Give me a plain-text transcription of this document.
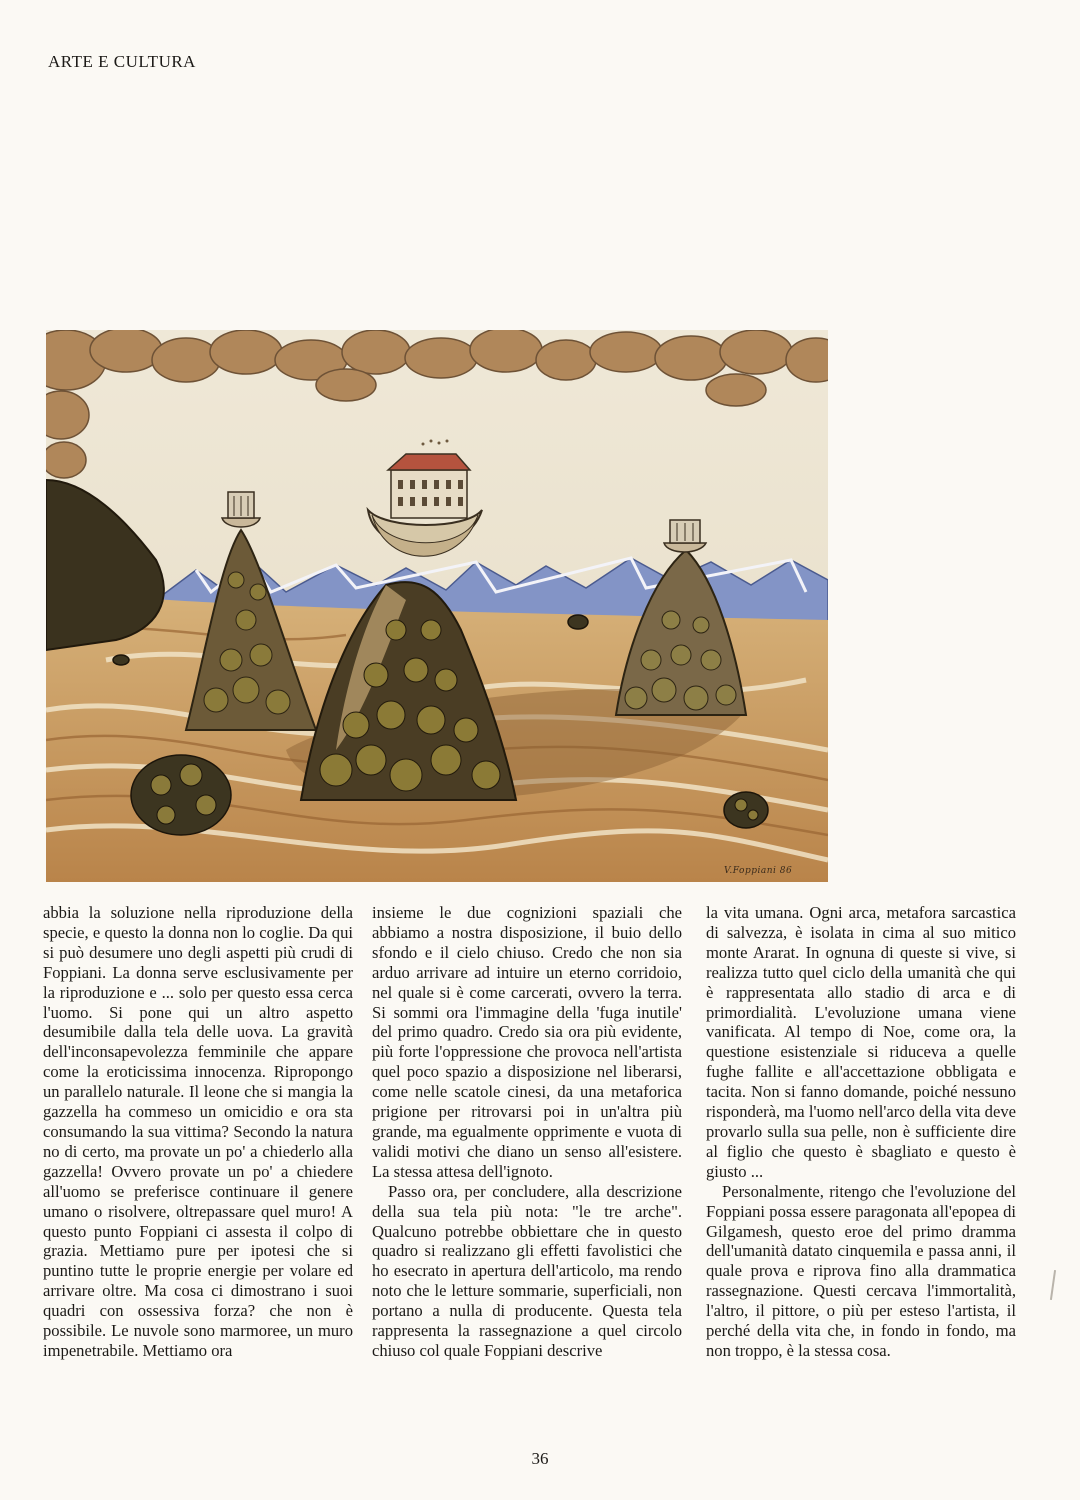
ARTE E CULTURA
V.Foppiani 86

abbia la soluzione nella riproduzione della specie, e questo la donna non lo coglie. Da qui si può desumere uno degli aspetti più crudi di Foppiani. La donna serve esclusivamente per la riproduzione e ... solo per questo essa cerca l'uomo. Si pone qui un altro aspetto desumibile dalla tela delle uova. La gravità dell'inconsapevolezza femminile che appare come la eroticissima innocenza. Ripropongo un parallelo naturale. Il leone che si mangia la gazzella ha commeso un omicidio e ora sta consumando la sua vittima? Secondo la natura no di certo, ma provate un po' a chiederlo alla gazzella! Ovvero provate un po' a chiedere all'uomo se preferisce continuare il genere umano o risolvere, oltrepassare quel muro! A questo punto Foppiani ci assesta il colpo di grazia. Mettiamo pure per ipotesi che si puntino tutte le proprie energie per volare ed arrivare oltre. Ma cosa ci dimostrano i suoi quadri con ossessiva forza? che non è possibile. Le nuvole sono marmoree, un muro impenetrabile. Mettiamo ora

insieme le due cognizioni spaziali che abbiamo a nostra disposizione, il buio dello sfondo e il cielo chiuso. Credo che non sia arduo arrivare ad intuire un eterno corridoio, nel quale si è come carcerati, ovvero la terra. Si sommi ora l'immagine della 'fuga inutile' del primo quadro. Credo sia ora più evidente, più forte l'oppressione che provoca nell'artista quel poco spazio a disposizione nel liberarsi, come nelle scatole cinesi, da una metaforica prigione per ritrovarsi poi in un'altra più grande, ma egualmente opprimente e vuota di validi motivi che diano un senso all'esistere. La stessa attesa dell'ignoto.

Passo ora, per concludere, alla descrizione della sua tela più nota: "le tre arche". Qualcuno potrebbe obbiettare che in questo quadro si realizzano gli effetti favolistici che ho esecrato in apertura dell'articolo, ma rendo noto che le letture sommarie, superficiali, non portano a nulla di producente. Questa tela rappresenta la rassegnazione a quel circolo chiuso col quale Foppiani descrive

la vita umana. Ogni arca, metafora sarcastica di salvezza, è isolata in cima al suo mitico monte Ararat. In ognuna di queste si vive, si realizza tutto quel ciclo della umanità che qui è rappresentata allo stadio di arca e di primordialità. L'evoluzione umana viene vanificata. Al tempo di Noe, come ora, la questione esistenziale si riduceva a quelle fughe fallite e all'accettazione obbligata e tacita. Non si fanno domande, poiché nessuno risponderà, ma l'uomo nell'arco della vita deve provarlo sulla sua pelle, non è sufficiente dire al figlio che questo è sbagliato e questo è giusto ...

Personalmente, ritengo che l'evoluzione del Foppiani possa essere paragonata all'epopea di Gilgamesh, questo eroe del primo dramma dell'umanità datato cinquemila e passa anni, il quale prova e riprova fino alla drammatica rassegnazione. Questi cercava l'immortalità, l'altro, il pittore, o più per esteso l'artista, il perché della vita che, in fondo in fondo, ma non troppo, è la stessa cosa.

36
